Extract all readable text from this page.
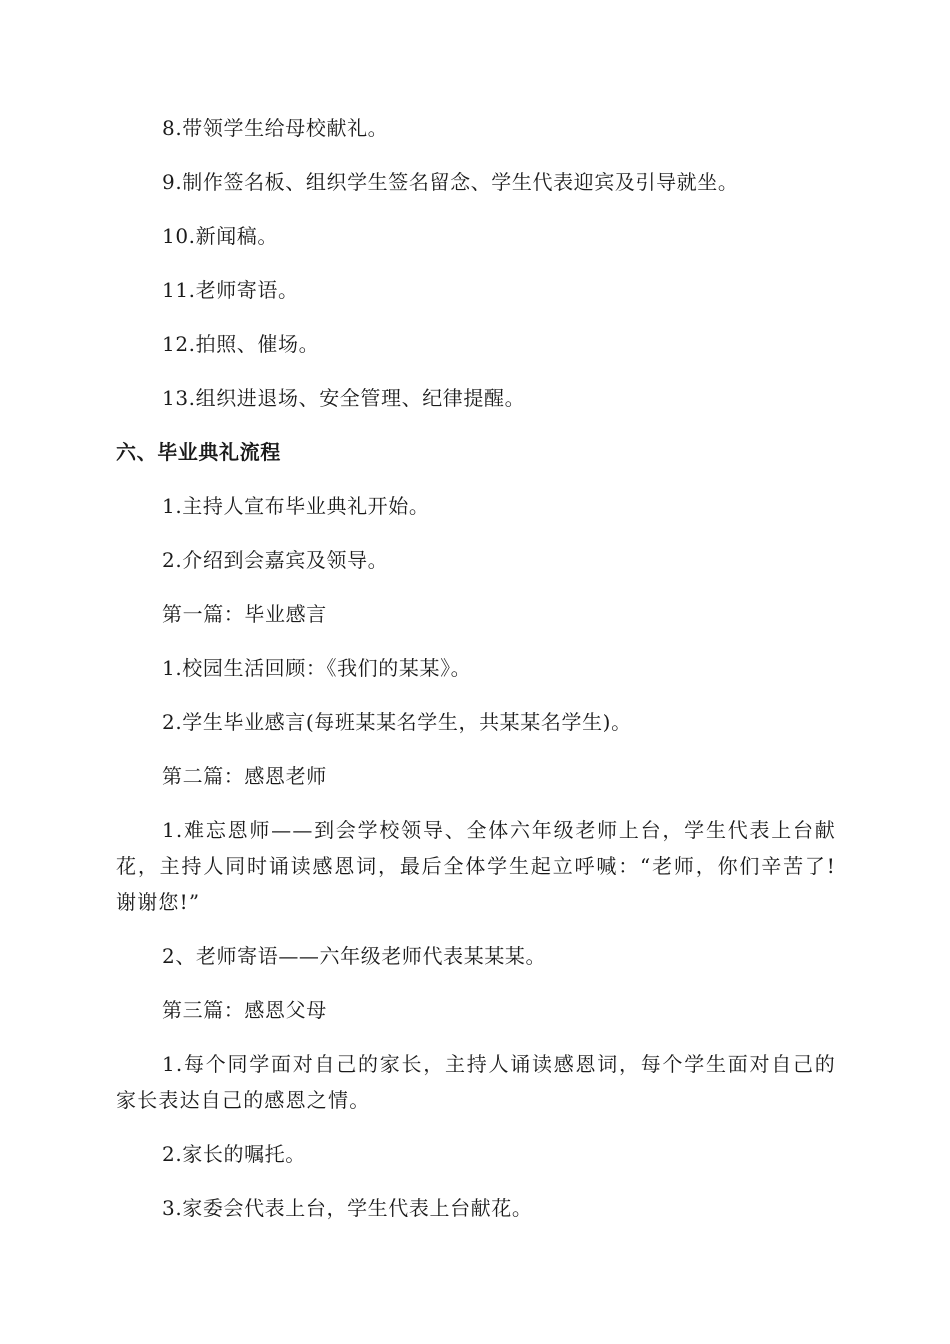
8.带领学生给母校献礼。

9.制作签名板、组织学生签名留念、学生代表迎宾及引导就坐。

10.新闻稿。

11.老师寄语。

12.拍照、催场。

13.组织进退场、安全管理、纪律提醒。

六、毕业典礼流程

1.主持人宣布毕业典礼开始。

2.介绍到会嘉宾及领导。

第一篇：毕业感言

1.校园生活回顾：《我们的某某》。

2.学生毕业感言(每班某某名学生，共某某名学生)。

第二篇：感恩老师

1.难忘恩师——到会学校领导、全体六年级老师上台，学生代表上台献花，主持人同时诵读感恩词，最后全体学生起立呼喊：“老师，你们辛苦了!谢谢您!”

2、老师寄语——六年级老师代表某某某。

第三篇：感恩父母

1.每个同学面对自己的家长，主持人诵读感恩词，每个学生面对自己的家长表达自己的感恩之情。

2.家长的嘱托。

3.家委会代表上台，学生代表上台献花。
